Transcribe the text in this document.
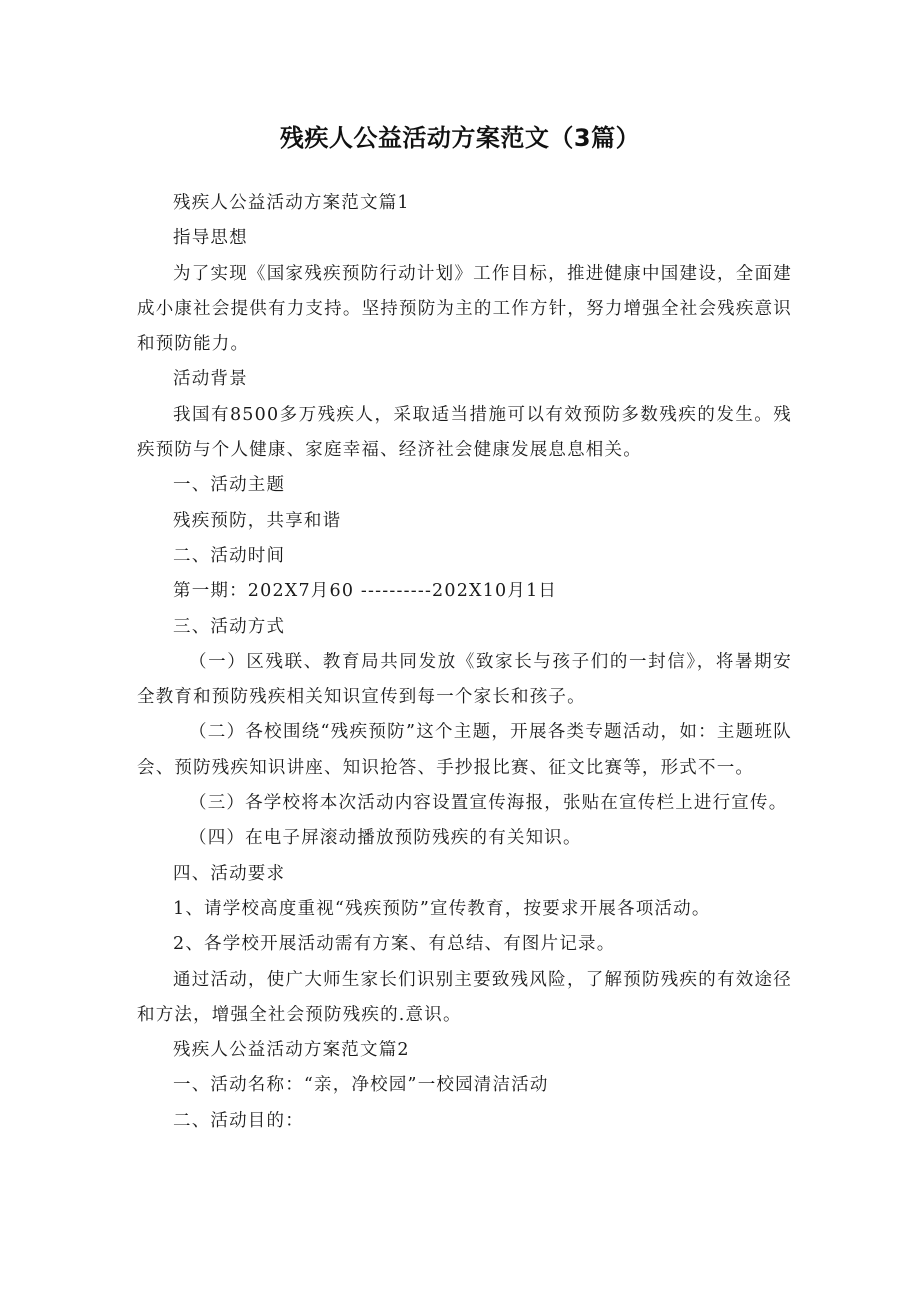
残疾人公益活动方案范文（3篇）

残疾人公益活动方案范文篇1

指导思想

为了实现《国家残疾预防行动计划》工作目标，推进健康中国建设，全面建成小康社会提供有力支持。坚持预防为主的工作方针，努力增强全社会残疾意识和预防能力。

活动背景

我国有8500多万残疾人，采取适当措施可以有效预防多数残疾的发生。残疾预防与个人健康、家庭幸福、经济社会健康发展息息相关。

一、活动主题

残疾预防，共享和谐

二、活动时间

第一期：202X7月60 ----------202X10月1日

三、活动方式

（一）区残联、教育局共同发放《致家长与孩子们的一封信》，将暑期安全教育和预防残疾相关知识宣传到每一个家长和孩子。

（二）各校围绕“残疾预防”这个主题，开展各类专题活动，如：主题班队会、预防残疾知识讲座、知识抢答、手抄报比赛、征文比赛等，形式不一。

（三）各学校将本次活动内容设置宣传海报，张贴在宣传栏上进行宣传。

（四）在电子屏滚动播放预防残疾的有关知识。

四、活动要求

1、请学校高度重视“残疾预防”宣传教育，按要求开展各项活动。

2、各学校开展活动需有方案、有总结、有图片记录。

通过活动，使广大师生家长们识别主要致残风险，了解预防残疾的有效途径和方法，增强全社会预防残疾的.意识。

残疾人公益活动方案范文篇2

一、活动名称：“亲，净校园”一校园清洁活动

二、活动目的：
